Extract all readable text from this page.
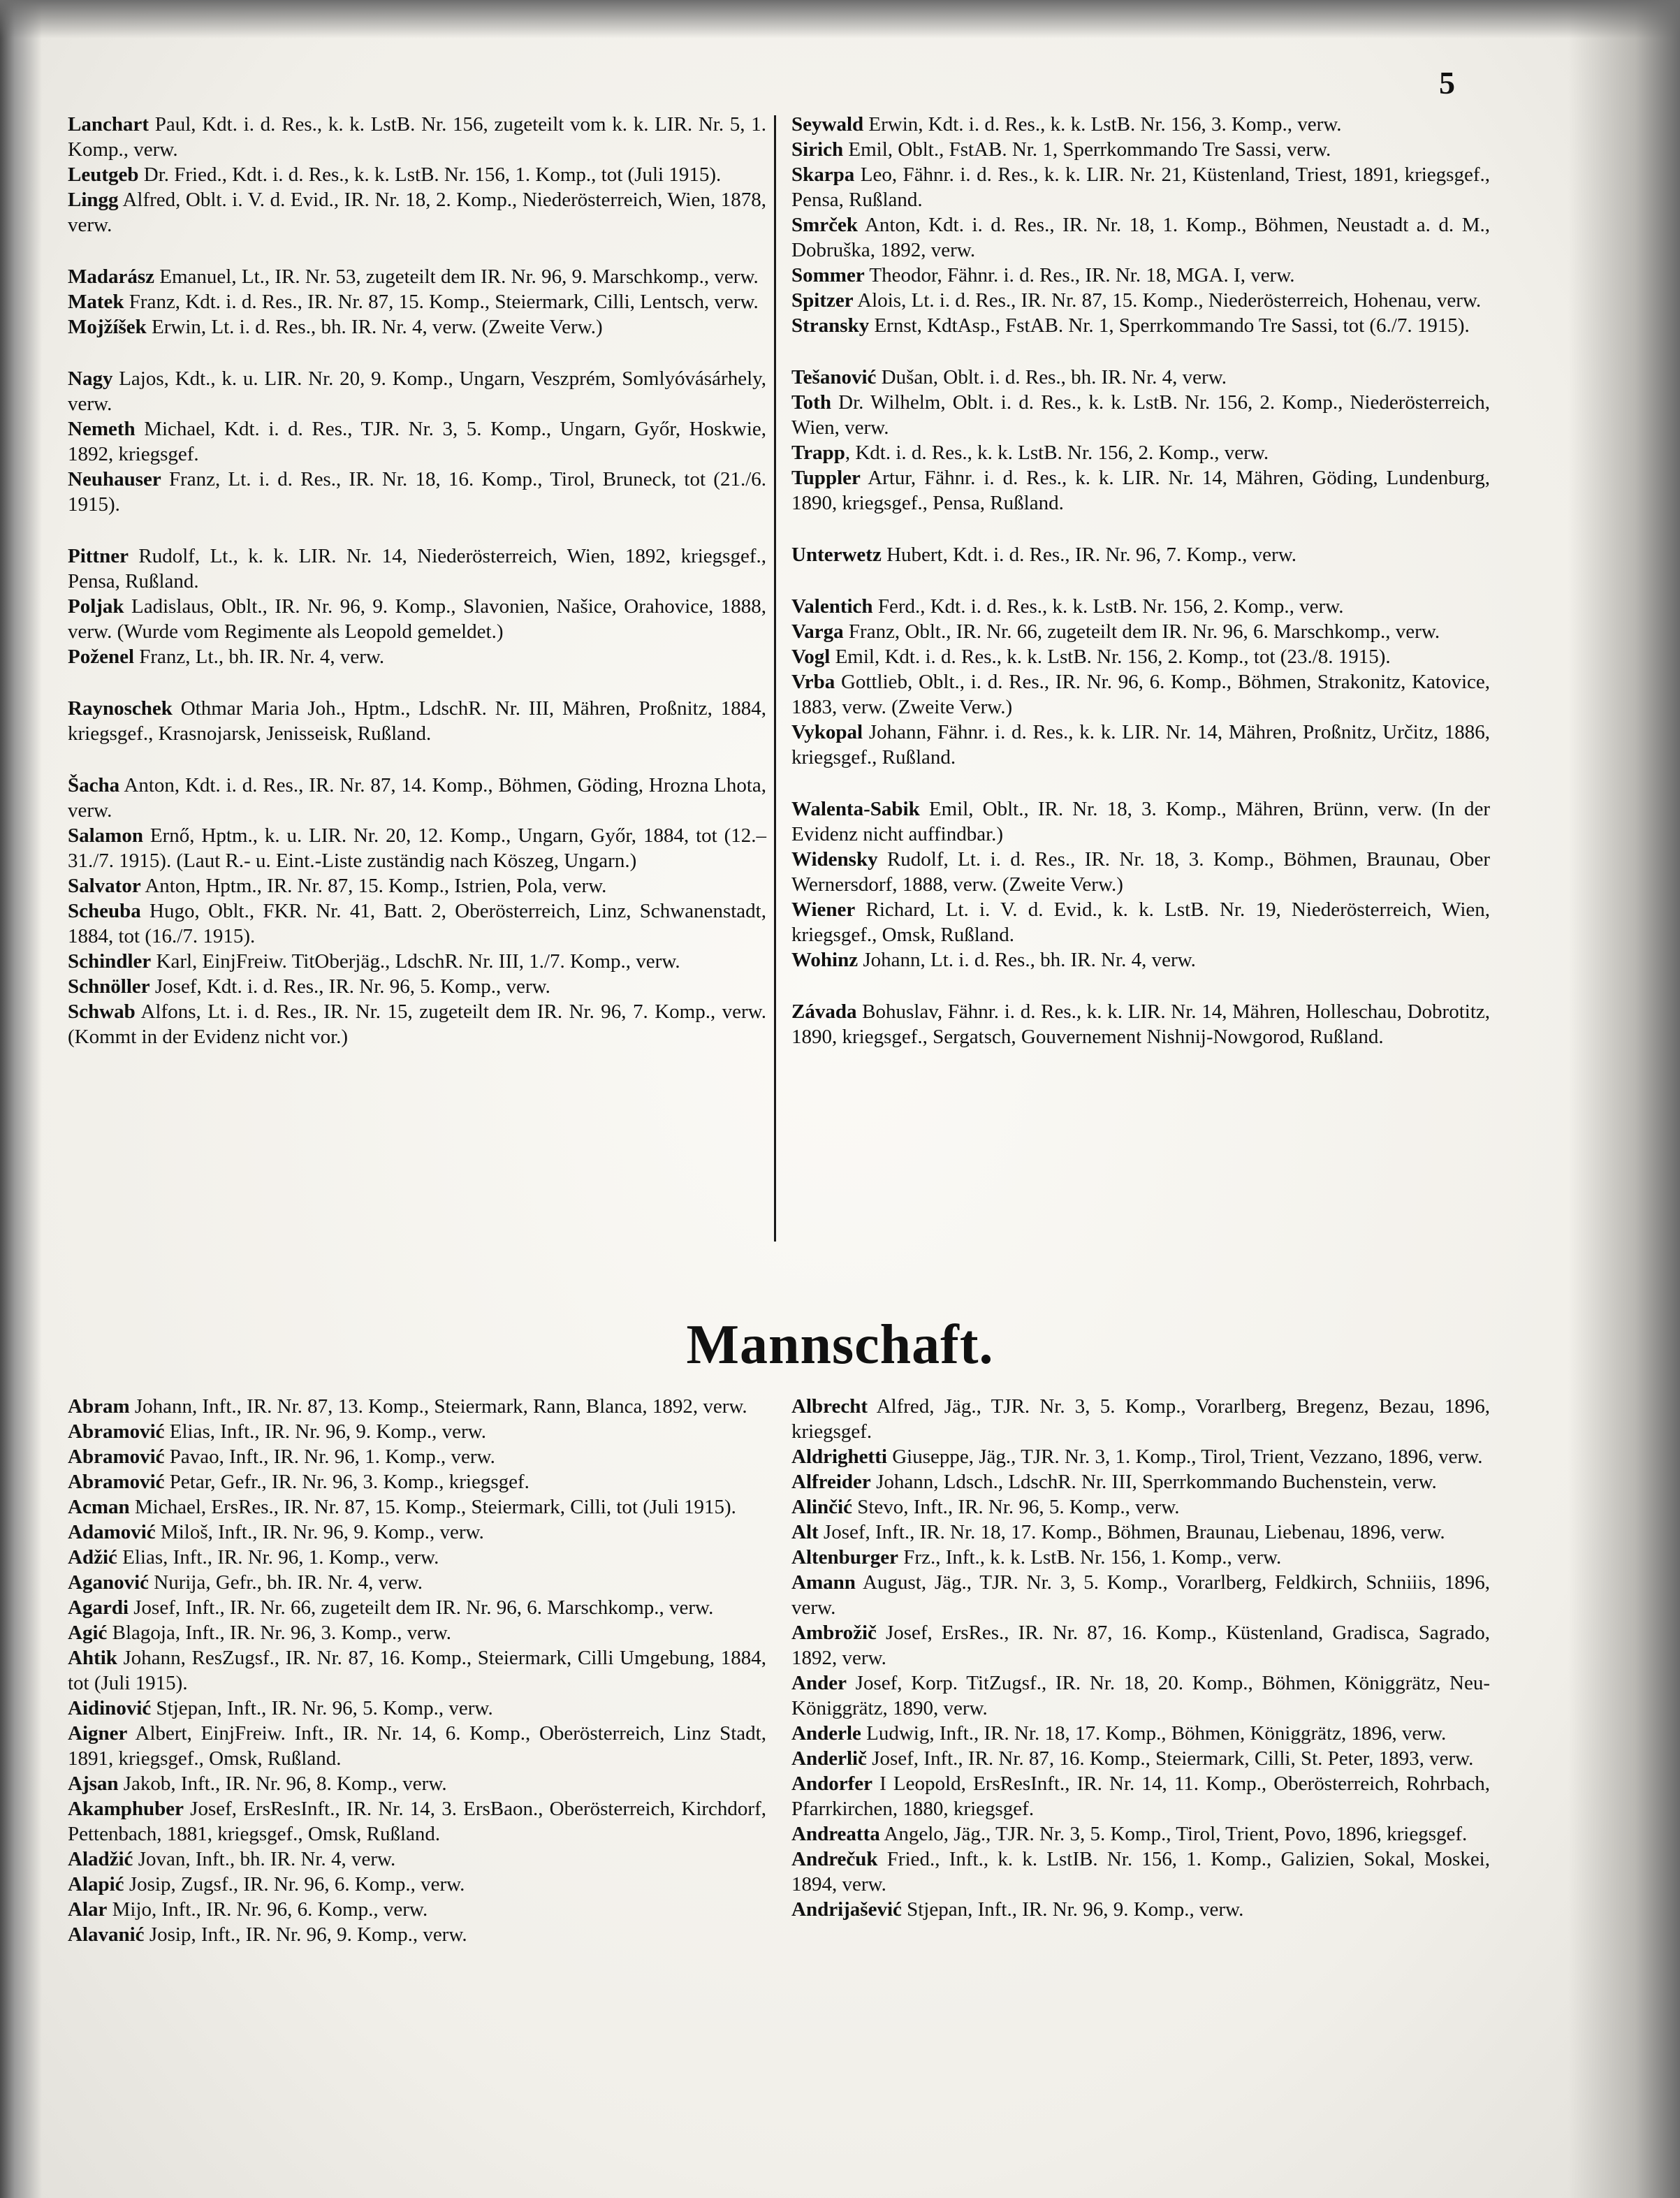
5
Lanchart Paul, Kdt. i. d. Res., k. k. LstB. Nr. 156, zugeteilt vom k. k. LIR. Nr. 5, 1. Komp., verw.
Leutgeb Dr. Fried., Kdt. i. d. Res., k. k. LstB. Nr. 156, 1. Komp., tot (Juli 1915).
Lingg Alfred, Oblt. i. V. d. Evid., IR. Nr. 18, 2. Komp., Niederösterreich, Wien, 1878, verw.
Madarász Emanuel, Lt., IR. Nr. 53, zugeteilt dem IR. Nr. 96, 9. Marschkomp., verw.
Matek Franz, Kdt. i. d. Res., IR. Nr. 87, 15. Komp., Steiermark, Cilli, Lentsch, verw.
Mojžíšek Erwin, Lt. i. d. Res., bh. IR. Nr. 4, verw. (Zweite Verw.)
Nagy Lajos, Kdt., k. u. LIR. Nr. 20, 9. Komp., Ungarn, Veszprém, Somlyóvásárhely, verw.
Nemeth Michael, Kdt. i. d. Res., TJR. Nr. 3, 5. Komp., Ungarn, Győr, Hoskwie, 1892, kriegsgef.
Neuhauser Franz, Lt. i. d. Res., IR. Nr. 18, 16. Komp., Tirol, Bruneck, tot (21./6. 1915).
Pittner Rudolf, Lt., k. k. LIR. Nr. 14, Niederösterreich, Wien, 1892, kriegsgef., Pensa, Rußland.
Poljak Ladislaus, Oblt., IR. Nr. 96, 9. Komp., Slavonien, Našice, Orahovice, 1888, verw. (Wurde vom Regimente als Leopold gemeldet.)
Poženel Franz, Lt., bh. IR. Nr. 4, verw.
Raynoschek Othmar Maria Joh., Hptm., LdschR. Nr. III, Mähren, Proßnitz, 1884, kriegsgef., Krasnojarsk, Jenisseisk, Rußland.
Šacha Anton, Kdt. i. d. Res., IR. Nr. 87, 14. Komp., Böhmen, Göding, Hrozna Lhota, verw.
Salamon Ernő, Hptm., k. u. LIR. Nr. 20, 12. Komp., Ungarn, Győr, 1884, tot (12.–31./7. 1915). (Laut R.- u. Eint.-Liste zuständig nach Köszeg, Ungarn.)
Salvator Anton, Hptm., IR. Nr. 87, 15. Komp., Istrien, Pola, verw.
Scheuba Hugo, Oblt., FKR. Nr. 41, Batt. 2, Oberösterreich, Linz, Schwanenstadt, 1884, tot (16./7. 1915).
Schindler Karl, EinjFreiw. TitOberjäg., LdschR. Nr. III, 1./7. Komp., verw.
Schnöller Josef, Kdt. i. d. Res., IR. Nr. 96, 5. Komp., verw.
Schwab Alfons, Lt. i. d. Res., IR. Nr. 15, zugeteilt dem IR. Nr. 96, 7. Komp., verw. (Kommt in der Evidenz nicht vor.)
Seywald Erwin, Kdt. i. d. Res., k. k. LstB. Nr. 156, 3. Komp., verw.
Sirich Emil, Oblt., FstAB. Nr. 1, Sperrkommando Tre Sassi, verw.
Skarpa Leo, Fähnr. i. d. Res., k. k. LIR. Nr. 21, Küstenland, Triest, 1891, kriegsgef., Pensa, Rußland.
Smrček Anton, Kdt. i. d. Res., IR. Nr. 18, 1. Komp., Böhmen, Neustadt a. d. M., Dobruška, 1892, verw.
Sommer Theodor, Fähnr. i. d. Res., IR. Nr. 18, MGA. I, verw.
Spitzer Alois, Lt. i. d. Res., IR. Nr. 87, 15. Komp., Niederösterreich, Hohenau, verw.
Stransky Ernst, KdtAsp., FstAB. Nr. 1, Sperrkommando Tre Sassi, tot (6./7. 1915).
Tešanović Dušan, Oblt. i. d. Res., bh. IR. Nr. 4, verw.
Toth Dr. Wilhelm, Oblt. i. d. Res., k. k. LstB. Nr. 156, 2. Komp., Niederösterreich, Wien, verw.
Trapp, Kdt. i. d. Res., k. k. LstB. Nr. 156, 2. Komp., verw.
Tuppler Artur, Fähnr. i. d. Res., k. k. LIR. Nr. 14, Mähren, Göding, Lundenburg, 1890, kriegsgef., Pensa, Rußland.
Unterwetz Hubert, Kdt. i. d. Res., IR. Nr. 96, 7. Komp., verw.
Valentich Ferd., Kdt. i. d. Res., k. k. LstB. Nr. 156, 2. Komp., verw.
Varga Franz, Oblt., IR. Nr. 66, zugeteilt dem IR. Nr. 96, 6. Marschkomp., verw.
Vogl Emil, Kdt. i. d. Res., k. k. LstB. Nr. 156, 2. Komp., tot (23./8. 1915).
Vrba Gottlieb, Oblt., i. d. Res., IR. Nr. 96, 6. Komp., Böhmen, Strakonitz, Katovice, 1883, verw. (Zweite Verw.)
Vykopal Johann, Fähnr. i. d. Res., k. k. LIR. Nr. 14, Mähren, Proßnitz, Určitz, 1886, kriegsgef., Rußland.
Walenta-Sabik Emil, Oblt., IR. Nr. 18, 3. Komp., Mähren, Brünn, verw. (In der Evidenz nicht auffindbar.)
Widensky Rudolf, Lt. i. d. Res., IR. Nr. 18, 3. Komp., Böhmen, Braunau, Ober Wernersdorf, 1888, verw. (Zweite Verw.)
Wiener Richard, Lt. i. V. d. Evid., k. k. LstB. Nr. 19, Niederösterreich, Wien, kriegsgef., Omsk, Rußland.
Wohinz Johann, Lt. i. d. Res., bh. IR. Nr. 4, verw.
Závada Bohuslav, Fähnr. i. d. Res., k. k. LIR. Nr. 14, Mähren, Holleschau, Dobrotitz, 1890, kriegsgef., Sergatsch, Gouvernement Nishnij-Nowgorod, Rußland.
Mannschaft.
Abram Johann, Inft., IR. Nr. 87, 13. Komp., Steiermark, Rann, Blanca, 1892, verw.
Abramović Elias, Inft., IR. Nr. 96, 9. Komp., verw.
Abramović Pavao, Inft., IR. Nr. 96, 1. Komp., verw.
Abramović Petar, Gefr., IR. Nr. 96, 3. Komp., kriegsgef.
Acman Michael, ErsRes., IR. Nr. 87, 15. Komp., Steiermark, Cilli, tot (Juli 1915).
Adamović Miloš, Inft., IR. Nr. 96, 9. Komp., verw.
Adžić Elias, Inft., IR. Nr. 96, 1. Komp., verw.
Aganović Nurija, Gefr., bh. IR. Nr. 4, verw.
Agardi Josef, Inft., IR. Nr. 66, zugeteilt dem IR. Nr. 96, 6. Marschkomp., verw.
Agić Blagoja, Inft., IR. Nr. 96, 3. Komp., verw.
Ahtik Johann, ResZugsf., IR. Nr. 87, 16. Komp., Steiermark, Cilli Umgebung, 1884, tot (Juli 1915).
Aidinović Stjepan, Inft., IR. Nr. 96, 5. Komp., verw.
Aigner Albert, EinjFreiw. Inft., IR. Nr. 14, 6. Komp., Oberösterreich, Linz Stadt, 1891, kriegsgef., Omsk, Rußland.
Ajsan Jakob, Inft., IR. Nr. 96, 8. Komp., verw.
Akamphuber Josef, ErsResInft., IR. Nr. 14, 3. ErsBaon., Oberösterreich, Kirchdorf, Pettenbach, 1881, kriegsgef., Omsk, Rußland.
Aladžić Jovan, Inft., bh. IR. Nr. 4, verw.
Alapić Josip, Zugsf., IR. Nr. 96, 6. Komp., verw.
Alar Mijo, Inft., IR. Nr. 96, 6. Komp., verw.
Alavanić Josip, Inft., IR. Nr. 96, 9. Komp., verw.
Albrecht Alfred, Jäg., TJR. Nr. 3, 5. Komp., Vorarlberg, Bregenz, Bezau, 1896, kriegsgef.
Aldrighetti Giuseppe, Jäg., TJR. Nr. 3, 1. Komp., Tirol, Trient, Vezzano, 1896, verw.
Alfreider Johann, Ldsch., LdschR. Nr. III, Sperrkommando Buchenstein, verw.
Alinčić Stevo, Inft., IR. Nr. 96, 5. Komp., verw.
Alt Josef, Inft., IR. Nr. 18, 17. Komp., Böhmen, Braunau, Liebenau, 1896, verw.
Altenburger Frz., Inft., k. k. LstB. Nr. 156, 1. Komp., verw.
Amann August, Jäg., TJR. Nr. 3, 5. Komp., Vorarlberg, Feldkirch, Schniiis, 1896, verw.
Ambrožič Josef, ErsRes., IR. Nr. 87, 16. Komp., Küstenland, Gradisca, Sagrado, 1892, verw.
Ander Josef, Korp. TitZugsf., IR. Nr. 18, 20. Komp., Böhmen, Königgrätz, Neu-Königgrätz, 1890, verw.
Anderle Ludwig, Inft., IR. Nr. 18, 17. Komp., Böhmen, Königgrätz, 1896, verw.
Anderlič Josef, Inft., IR. Nr. 87, 16. Komp., Steiermark, Cilli, St. Peter, 1893, verw.
Andorfer I Leopold, ErsResInft., IR. Nr. 14, 11. Komp., Oberösterreich, Rohrbach, Pfarrkirchen, 1880, kriegsgef.
Andreatta Angelo, Jäg., TJR. Nr. 3, 5. Komp., Tirol, Trient, Povo, 1896, kriegsgef.
Andrečuk Fried., Inft., k. k. LstIB. Nr. 156, 1. Komp., Galizien, Sokal, Moskei, 1894, verw.
Andrijašević Stjepan, Inft., IR. Nr. 96, 9. Komp., verw.
